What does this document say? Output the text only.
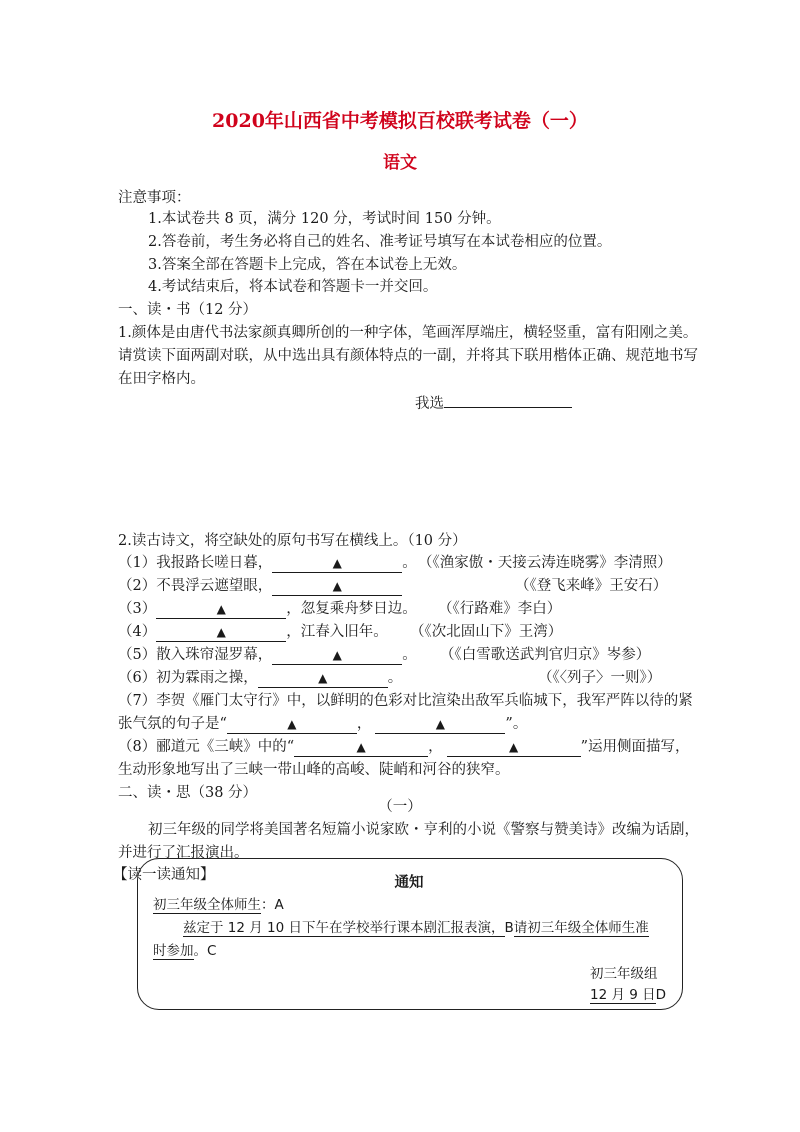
2020年山西省中考模拟百校联考试卷（一）
语文
注意事项：
1.本试卷共 8 页，满分 120 分，考试时间 150 分钟。
2.答卷前，考生务必将自己的姓名、准考证号填写在本试卷相应的位置。
3.答案全部在答题卡上完成，答在本试卷上无效。
4.考试结束后，将本试卷和答题卡一并交回。
一、读・书（12 分）
1.颜体是由唐代书法家颜真卿所创的一种字体，笔画浑厚端庄，横轻竖重，富有阳刚之美。
请赏读下面两副对联，从中选出具有颜体特点的一副，并将其下联用楷体正确、规范地书写
在田字格内。
我选
2.读古诗文，将空缺处的原句书写在横线上。（10 分）
（1）我报路长嗟日暮，	▲	。 （《渔家傲・天接云涛连晓雾》李清照）
（2）不畏浮云遮望眼，	▲	（《登飞来峰》王安石）
（3）	▲	，忽复乘舟梦日边。 （《行路难》李白）
（4）	▲	，江春入旧年。 （《次北固山下》王湾）
（5）散入珠帘湿罗幕，	▲	。 （《白雪歌送武判官归京》岑参）
（6）初为霖雨之操，	▲	。	（《〈列子〉一则》）
（7）李贺《雁门太守行》中，以鲜明的色彩对比渲染出敌军兵临城下，我军严阵以待的紧
张气氛的句子是“	▲	，	▲	”。
（8）郦道元《三峡》中的“	▲	，	▲	”运用侧面描写，
生动形象地写出了三峡一带山峰的高峻、陡峭和河谷的狭窄。
二、读・思（38 分）
（一）
初三年级的同学将美国著名短篇小说家欧・亨利的小说《警察与赞美诗》改编为话剧，
并进行了汇报演出。
【读一读通知】	通知
初三年级全体师生：A
兹定于 12 月 10 日下午在学校举行课本剧汇报表演，B请初三年级全体师生准
时参加。C
初三年级组
12 月 9 日D
